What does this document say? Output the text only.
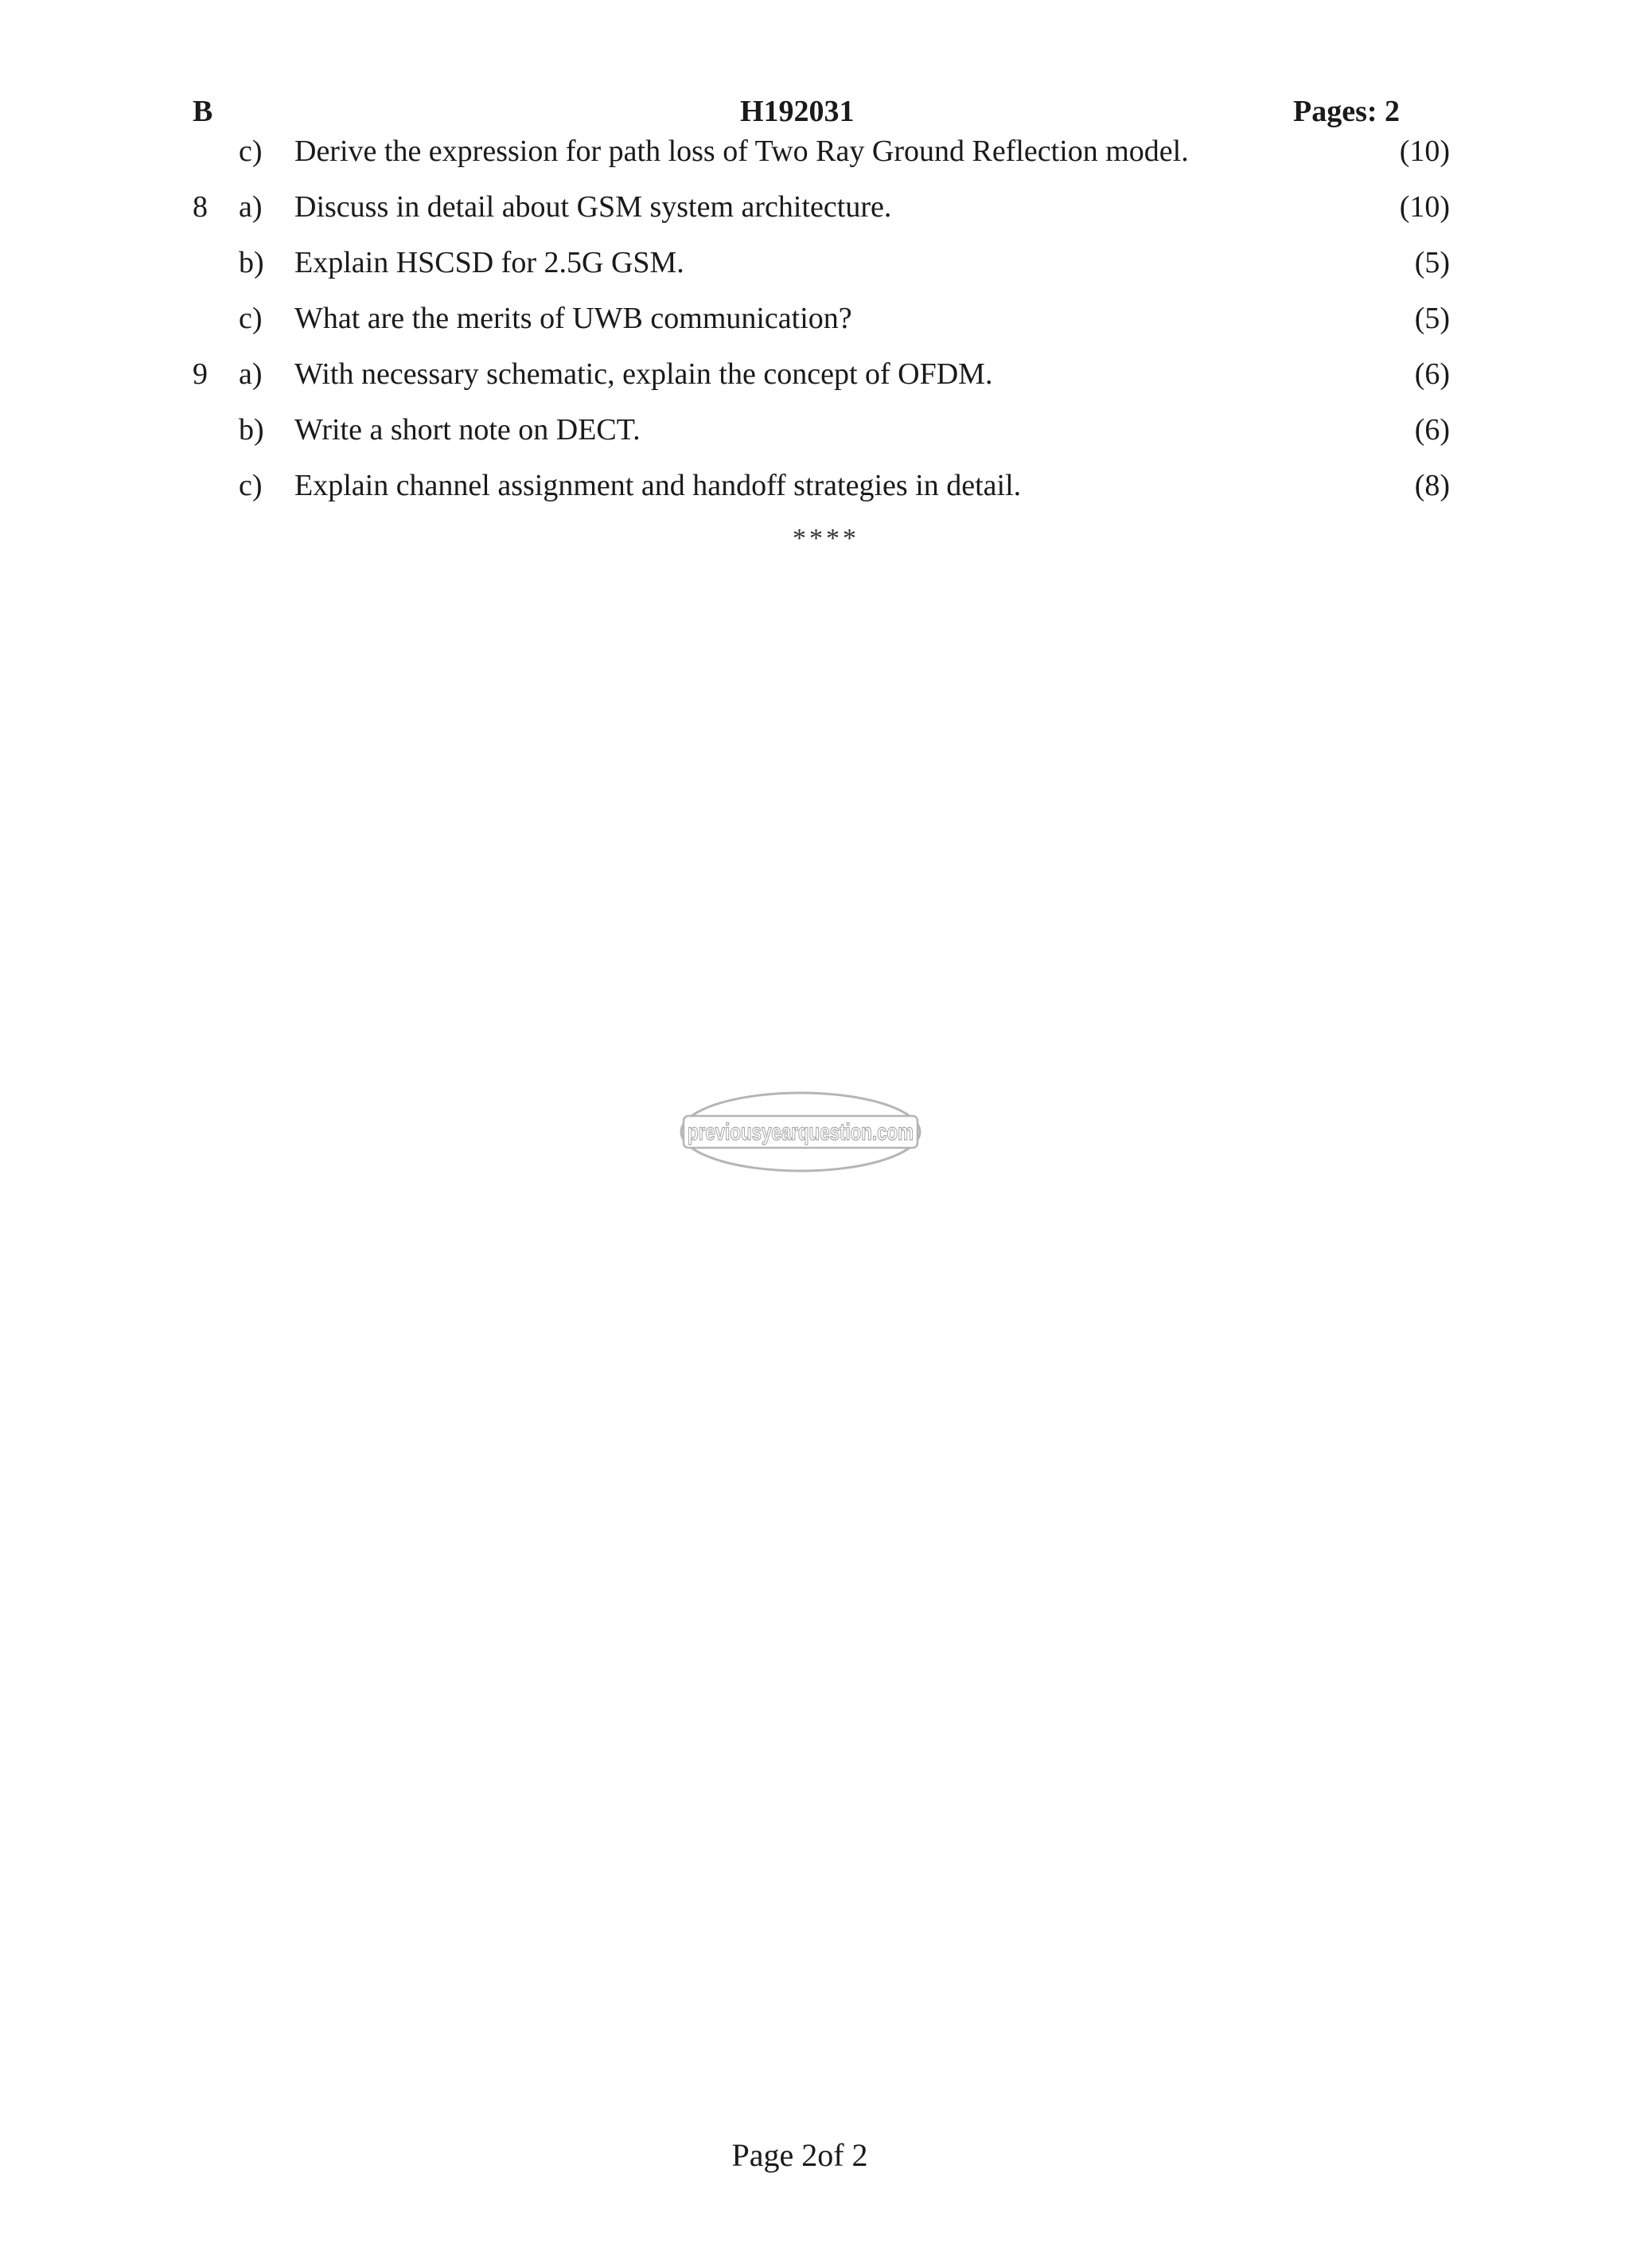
B	H192031	Pages: 2
c) Derive the expression for path loss of Two Ray Ground Reflection model.	(10)
8 a) Discuss in detail about GSM system architecture.	(10)
b) Explain HSCSD for 2.5G GSM.	(5)
c) What are the merits of UWB communication?	(5)
9 a) With necessary schematic, explain the concept of OFDM.	(6)
b) Write a short note on DECT.	(6)
c) Explain channel assignment and handoff strategies in detail.	(8)
****
previousyearquestion.com
Page 2of 2
